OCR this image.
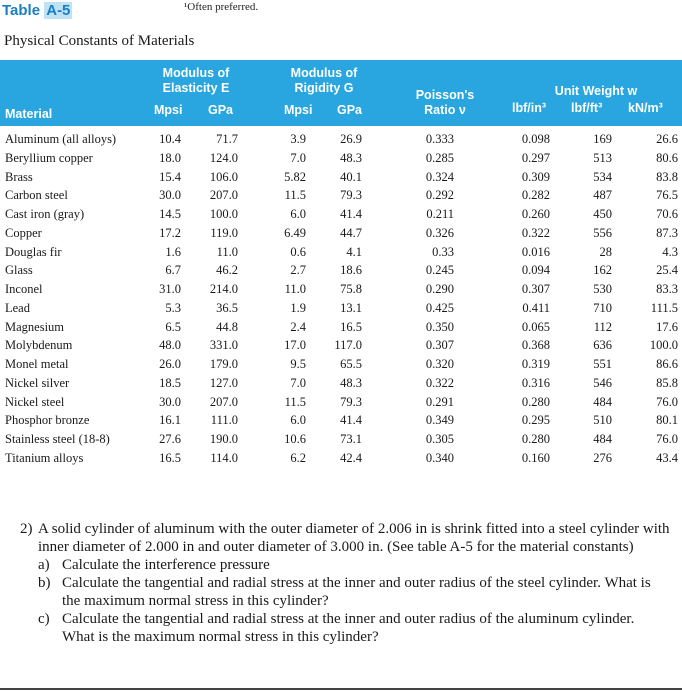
Table A-5	¹Often preferred.
Physical Constants of Materials
Modulus of
Elasticity E
Modulus of
Rigidity G	Poisson's
Ratio ν
Unit Weight w
Material	Mpsi GPa	Mpsi GPa	lbf/in³ lbf/ft³ kN/m³
Aluminum (all alloys)	10.4	71.7	3.9	26.9	0.333	0.098	169	26.6
Beryllium copper	18.0	124.0	7.0	48.3	0.285	0.297	513	80.6
Brass	15.4	106.0	5.82	40.1	0.324	0.309	534	83.8
Carbon steel	30.0	207.0	11.5	79.3	0.292	0.282	487	76.5
Cast iron (gray)	14.5	100.0	6.0	41.4	0.211	0.260	450	70.6
Copper	17.2	119.0	6.49	44.7	0.326	0.322	556	87.3
Douglas fir	1.6	11.0	0.6	4.1	0.33	0.016	28	4.3
Glass	6.7	46.2	2.7	18.6	0.245	0.094	162	25.4
Inconel	31.0	214.0	11.0	75.8	0.290	0.307	530	83.3
Lead	5.3	36.5	1.9	13.1	0.425	0.411	710	111.5
Magnesium	6.5	44.8	2.4	16.5	0.350	0.065	112	17.6
Molybdenum	48.0	331.0	17.0	117.0	0.307	0.368	636	100.0
Monel metal	26.0	179.0	9.5	65.5	0.320	0.319	551	86.6
Nickel silver	18.5	127.0	7.0	48.3	0.322	0.316	546	85.8
Nickel steel	30.0	207.0	11.5	79.3	0.291	0.280	484	76.0
Phosphor bronze	16.1	111.0	6.0	41.4	0.349	0.295	510	80.1
Stainless steel (18-8)	27.6	190.0	10.6	73.1	0.305	0.280	484	76.0
Titanium alloys	16.5	114.0	6.2	42.4	0.340	0.160	276	43.4
2) A solid cylinder of aluminum with the outer diameter of 2.006 in is shrink fitted into a steel cylinder with inner diameter of 2.000 in and outer diameter of 3.000 in. (See table A-5 for the material constants)
a) Calculate the interference pressure
b) Calculate the tangential and radial stress at the inner and outer radius of the steel cylinder. What is the maximum normal stress in this cylinder?
c) Calculate the tangential and radial stress at the inner and outer radius of the aluminum cylinder. What is the maximum normal stress in this cylinder?
